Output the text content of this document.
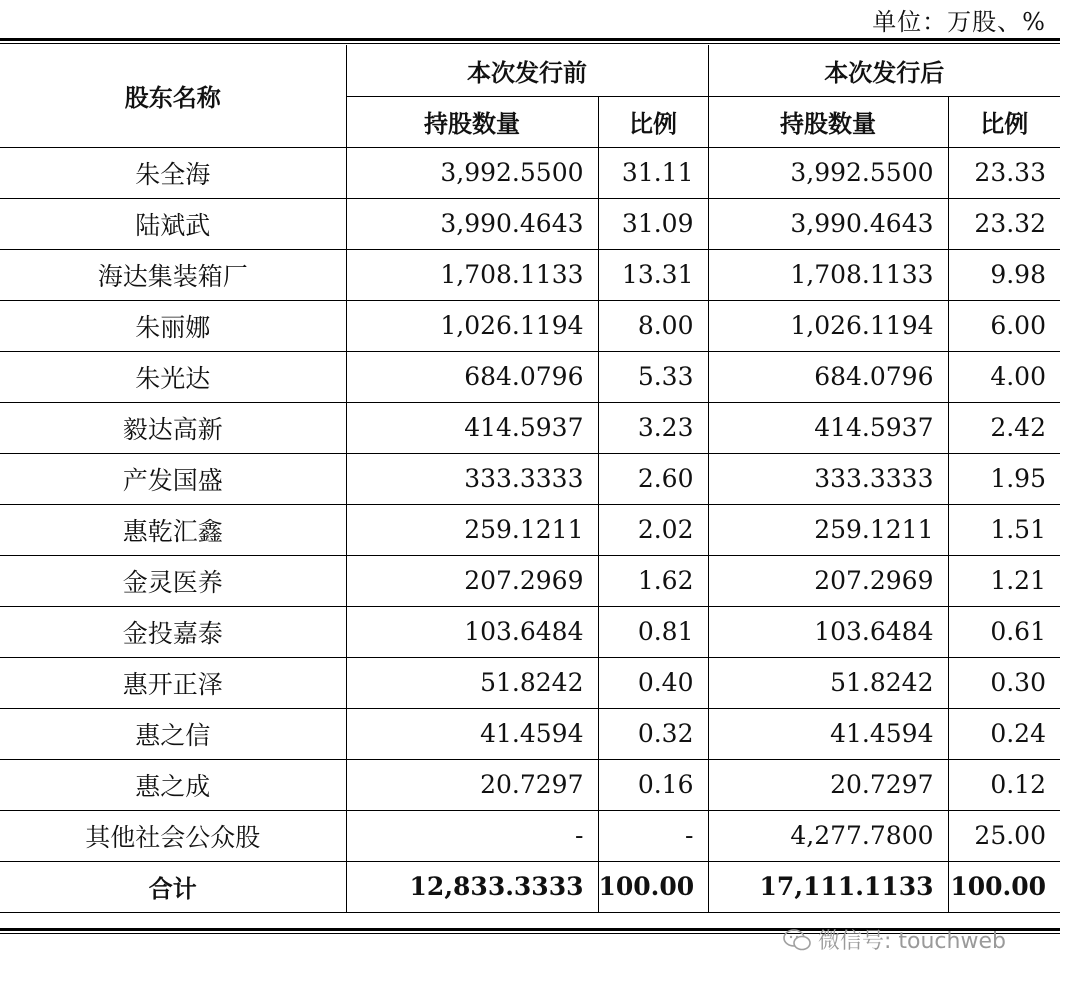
单位：万股、%
股东名称	本次发行前		本次发行后	
	持股数量	比例	持股数量	比例
朱全海	3,992.5500	31.11	3,992.5500	23.33
陆斌武	3,990.4643	31.09	3,990.4643	23.32
海达集装箱厂	1,708.1133	13.31	1,708.1133	9.98
朱丽娜	1,026.1194	8.00	1,026.1194	6.00
朱光达	684.0796	5.33	684.0796	4.00
毅达高新	414.5937	3.23	414.5937	2.42
产发国盛	333.3333	2.60	333.3333	1.95
惠乾汇鑫	259.1211	2.02	259.1211	1.51
金灵医养	207.2969	1.62	207.2969	1.21
金投嘉泰	103.6484	0.81	103.6484	0.61
惠开正泽	51.8242	0.40	51.8242	0.30
惠之信	41.4594	0.32	41.4594	0.24
惠之成	20.7297	0.16	20.7297	0.12
其他社会公众股	-	-	4,277.7800	25.00
合计	12,833.3333	100.00	17,111.1133	100.00
微信号: touchweb
